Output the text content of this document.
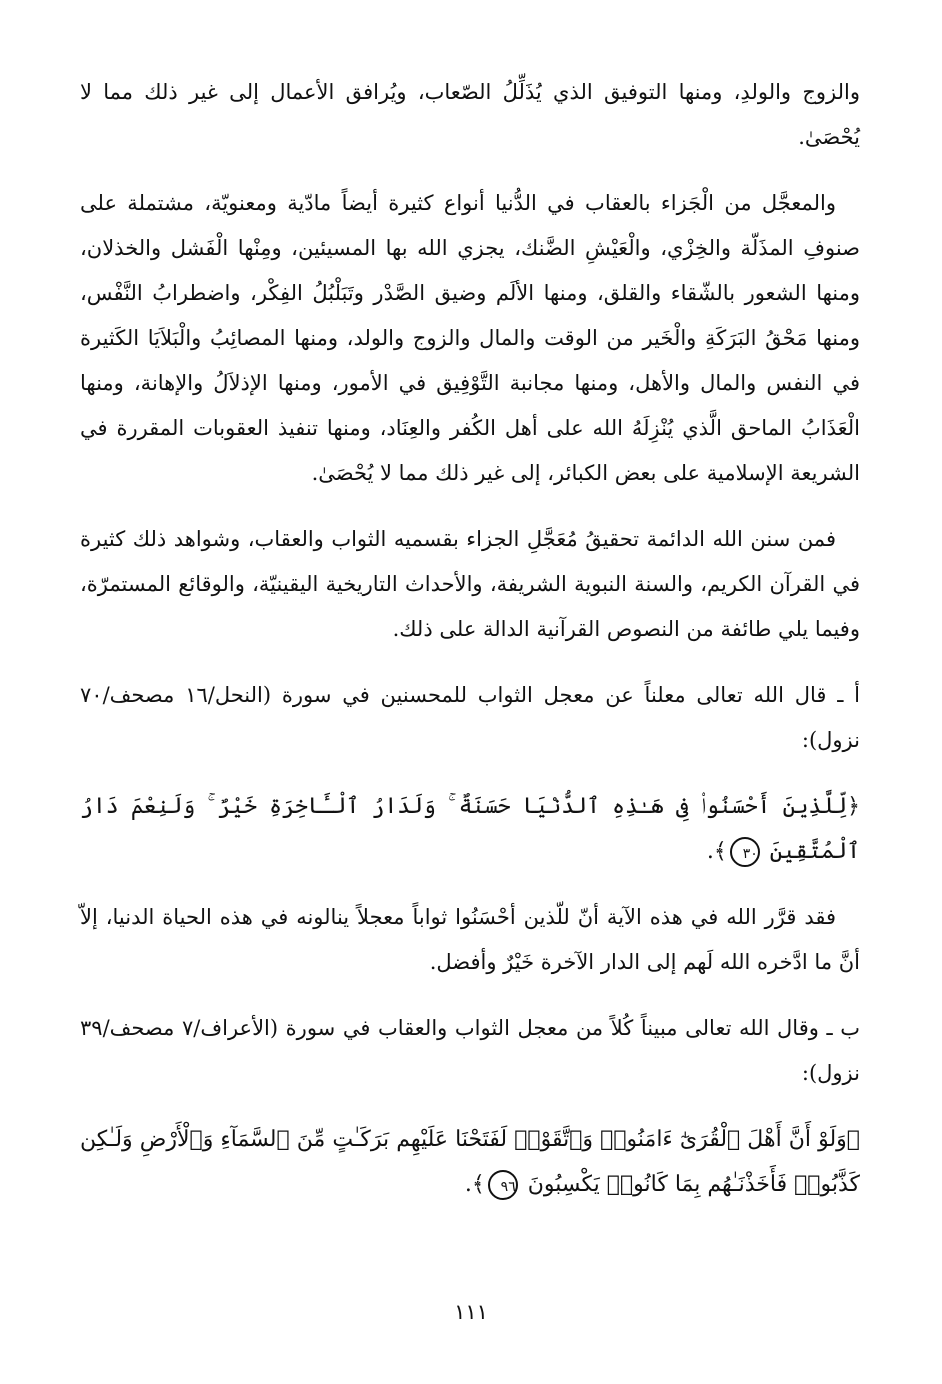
والزوج والولدِ، ومنها التوفيق الذي يُذَلِّلُ الصّعاب، ويُرافق الأعمال إلى غير ذلك مما لا يُحْصَىٰ.

والمعجَّل من الْجَزاء بالعقاب في الدُّنيا أنواع كثيرة أيضاً مادّية ومعنويّة، مشتملة على صنوفِ المذَلّة والخِزْي، والْعَيْشِ الضَّنك، يجزي الله بها المسيئين، ومِنْها الْفَشل والخذلان، ومنها الشعور بالشّقاء والقلق، ومنها الألَم وضيق الصَّدْر وتَبَلْبُلُ الفِكْر، واضطرابُ النَّفْس، ومنها مَحْقُ البَرَكَةِ والْخَير من الوقت والمال والزوج والولد، ومنها المصائِبُ والْبَلاَيَا الكَثيرة في النفس والمال والأهل، ومنها مجانبة التَّوْفِيق في الأمور، ومنها الإذلاَلُ والإهانة، ومنها الْعَذَابُ الماحق الَّذي يُنْزِلَهُ الله على أهل الكُفر والعِنَاد، ومنها تنفيذ العقوبات المقررة في الشريعة الإسلامية على بعض الكبائر، إلى غير ذلك مما لا يُحْصَىٰ.

فمن سنن الله الدائمة تحقيقُ مُعَجَّلِ الجزاء بقسميه الثواب والعقاب، وشواهد ذلك كثيرة في القرآن الكريم، والسنة النبوية الشريفة، والأحداث التاريخية اليقينيّة، والوقائع المستمرّة، وفيما يلي طائفة من النصوص القرآنية الدالة على ذلك.

أ ـ قال الله تعالى معلناً عن معجل الثواب للمحسنين في سورة (النحل/١٦ مصحف/٧٠ نزول):

﴿لِّلَّذِينَ أَحْسَنُوا۟ فِى هَـٰذِهِ ٱلدُّنْيَا حَسَنَةٌ ۚ وَلَدَارُ ٱلْـَٔاخِرَةِ خَيْرٌ ۚ وَلَنِعْمَ دَارُ ٱلْمُتَّقِينَ ٣٠﴾.

فقد قرَّر الله في هذه الآية أنّ للّذين أحْسَنُوا ثواباً معجلاً ينالونه في هذه الحياة الدنيا، إلاّ أنَّ ما ادَّخره الله لَهم إلى الدار الآخرة خَيْرٌ وأفضل.

ب ـ وقال الله تعالى مبيناً كُلاً من معجل الثواب والعقاب في سورة (الأعراف/٧ مصحف/٣٩ نزول):

﴿وَلَوْ أَنَّ أَهْلَ ٱلْقُرَىٰٓ ءَامَنُوا۟ وَٱتَّقَوْا۟ لَفَتَحْنَا عَلَيْهِم بَرَكَـٰتٍ مِّنَ ٱلسَّمَآءِ وَٱلْأَرْضِ وَلَـٰكِن كَذَّبُوا۟ فَأَخَذْنَـٰهُم بِمَا كَانُوا۟ يَكْسِبُونَ ٩٦﴾.

١١١
